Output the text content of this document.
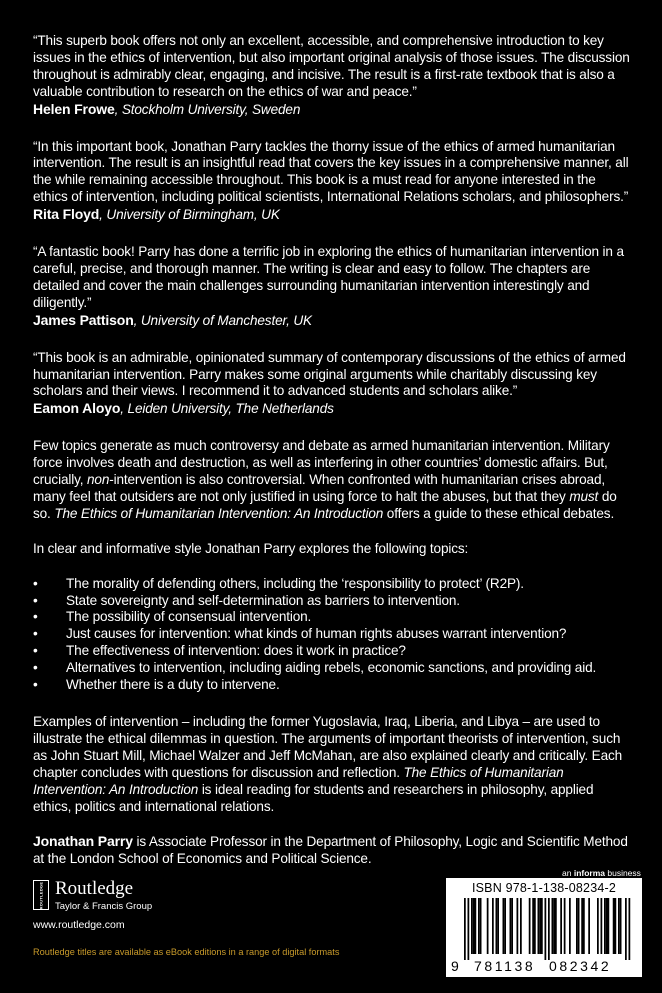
“This superb book offers not only an excellent, accessible, and comprehensive introduction to key issues in the ethics of intervention, but also important original analysis of those issues. The discussion throughout is admirably clear, engaging, and incisive. The result is a first-rate textbook that is also a valuable contribution to research on the ethics of war and peace.”

Helen Frowe, Stockholm University, Sweden

“In this important book, Jonathan Parry tackles the thorny issue of the ethics of armed humanitarian intervention. The result is an insightful read that covers the key issues in a comprehensive manner, all the while remaining accessible throughout. This book is a must read for anyone interested in the ethics of intervention, including political scientists, International Relations scholars, and philosophers.”

Rita Floyd, University of Birmingham, UK

“A fantastic book! Parry has done a terrific job in exploring the ethics of humanitarian intervention in a careful, precise, and thorough manner. The writing is clear and easy to follow. The chapters are detailed and cover the main challenges surrounding humanitarian intervention interestingly and diligently.”

James Pattison, University of Manchester, UK

“This book is an admirable, opinionated summary of contemporary discussions of the ethics of armed humanitarian intervention. Parry makes some original arguments while charitably discussing key scholars and their views. I recommend it to advanced students and scholars alike.”

Eamon Aloyo, Leiden University, The Netherlands

Few topics generate as much controversy and debate as armed humanitarian intervention. Military force involves death and destruction, as well as interfering in other countries’ domestic affairs. But, crucially, non-intervention is also controversial. When confronted with humanitarian crises abroad, many feel that outsiders are not only justified in using force to halt the abuses, but that they must do so. The Ethics of Humanitarian Intervention: An Introduction offers a guide to these ethical debates.

In clear and informative style Jonathan Parry explores the following topics:

• The morality of defending others, including the ‘responsibility to protect’ (R2P).
• State sovereignty and self-determination as barriers to intervention.
• The possibility of consensual intervention.
• Just causes for intervention: what kinds of human rights abuses warrant intervention?
• The effectiveness of intervention: does it work in practice?
• Alternatives to intervention, including aiding rebels, economic sanctions, and providing aid.
• Whether there is a duty to intervene.

Examples of intervention – including the former Yugoslavia, Iraq, Liberia, and Libya – are used to illustrate the ethical dilemmas in question. The arguments of important theorists of intervention, such as John Stuart Mill, Michael Walzer and Jeff McMahan, are also explained clearly and critically. Each chapter concludes with questions for discussion and reflection. The Ethics of Humanitarian Intervention: An Introduction is ideal reading for students and researchers in philosophy, applied ethics, politics and international relations.

Jonathan Parry is Associate Professor in the Department of Philosophy, Logic and Scientific Method at the London School of Economics and Political Science.

ROUTLEDGE Routledge
Taylor & Francis Group
www.routledge.com
Routledge titles are available as eBook editions in a range of digital formats
an informa business
ISBN 978-1-138-08234-2
9 781138 082342
